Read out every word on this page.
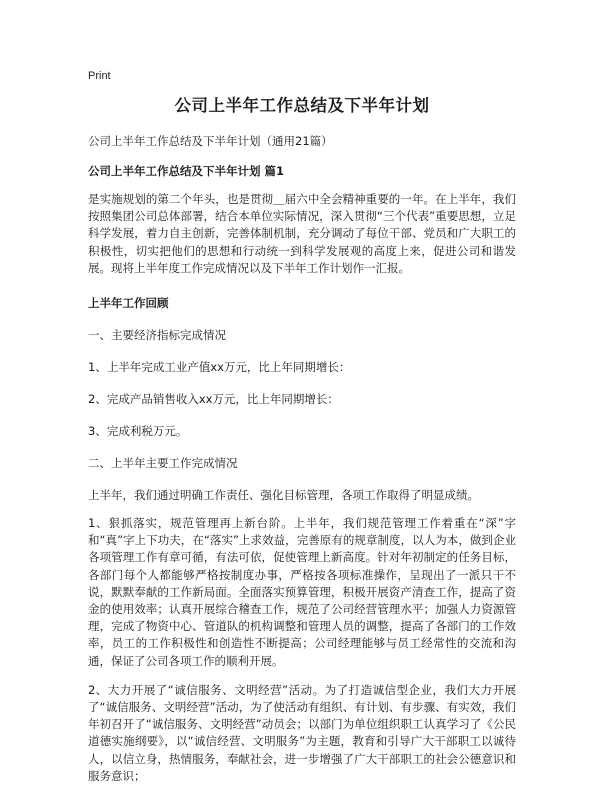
Print
公司上半年工作总结及下半年计划
公司上半年工作总结及下半年计划（通用21篇）
公司上半年工作总结及下半年计划 篇1

是实施规划的第二个年头，也是贯彻＿届六中全会精神重要的一年。在上半年，我们按照集团公司总体部署，结合本单位实际情况，深入贯彻“三个代表”重要思想，立足科学发展，着力自主创新，完善体制机制，充分调动了每位干部、党员和广大职工的积极性，切实把他们的思想和行动统一到科学发展观的高度上来，促进公司和谐发展。现将上半年度工作完成情况以及下半年工作计划作一汇报。

上半年工作回顾

一、主要经济指标完成情况

1、上半年完成工业产值xx万元，比上年同期增长：

2、完成产品销售收入xx万元，比上年同期增长：

3、完成利税万元。

二、上半年主要工作完成情况

上半年，我们通过明确工作责任、强化目标管理，各项工作取得了明显成绩。

1、狠抓落实，规范管理再上新台阶。上半年，我们规范管理工作着重在“深”字和“真”字上下功夫，在“落实”上求效益，完善原有的规章制度，以人为本，做到企业各项管理工作有章可循，有法可依，促使管理上新高度。针对年初制定的任务目标，各部门每个人都能够严格按制度办事，严格按各项标准操作，呈现出了一派只干不说，默默奉献的工作新局面。全面落实预算管理，积极开展资产清查工作，提高了资金的使用效率；认真开展综合稽查工作，规范了公司经营管理水平；加强人力资源管理，完成了物资中心、管道队的机构调整和管理人员的调整，提高了各部门的工作效率，员工的工作积极性和创造性不断提高；公司经理能够与员工经常性的交流和沟通，保证了公司各项工作的顺利开展。

2、大力开展了“诚信服务、文明经营”活动。为了打造诚信型企业，我们大力开展了“诚信服务、文明经营”活动，为了使活动有组织、有计划、有步骤、有实效，我们年初召开了“诚信服务、文明经营”动员会；以部门为单位组织职工认真学习了《公民道德实施纲要》，以“诚信经营、文明服务”为主题，教育和引导广大干部职工以诚待人，以信立身，热情服务，奉献社会，进一步增强了广大干部职工的社会公德意识和服务意识；
